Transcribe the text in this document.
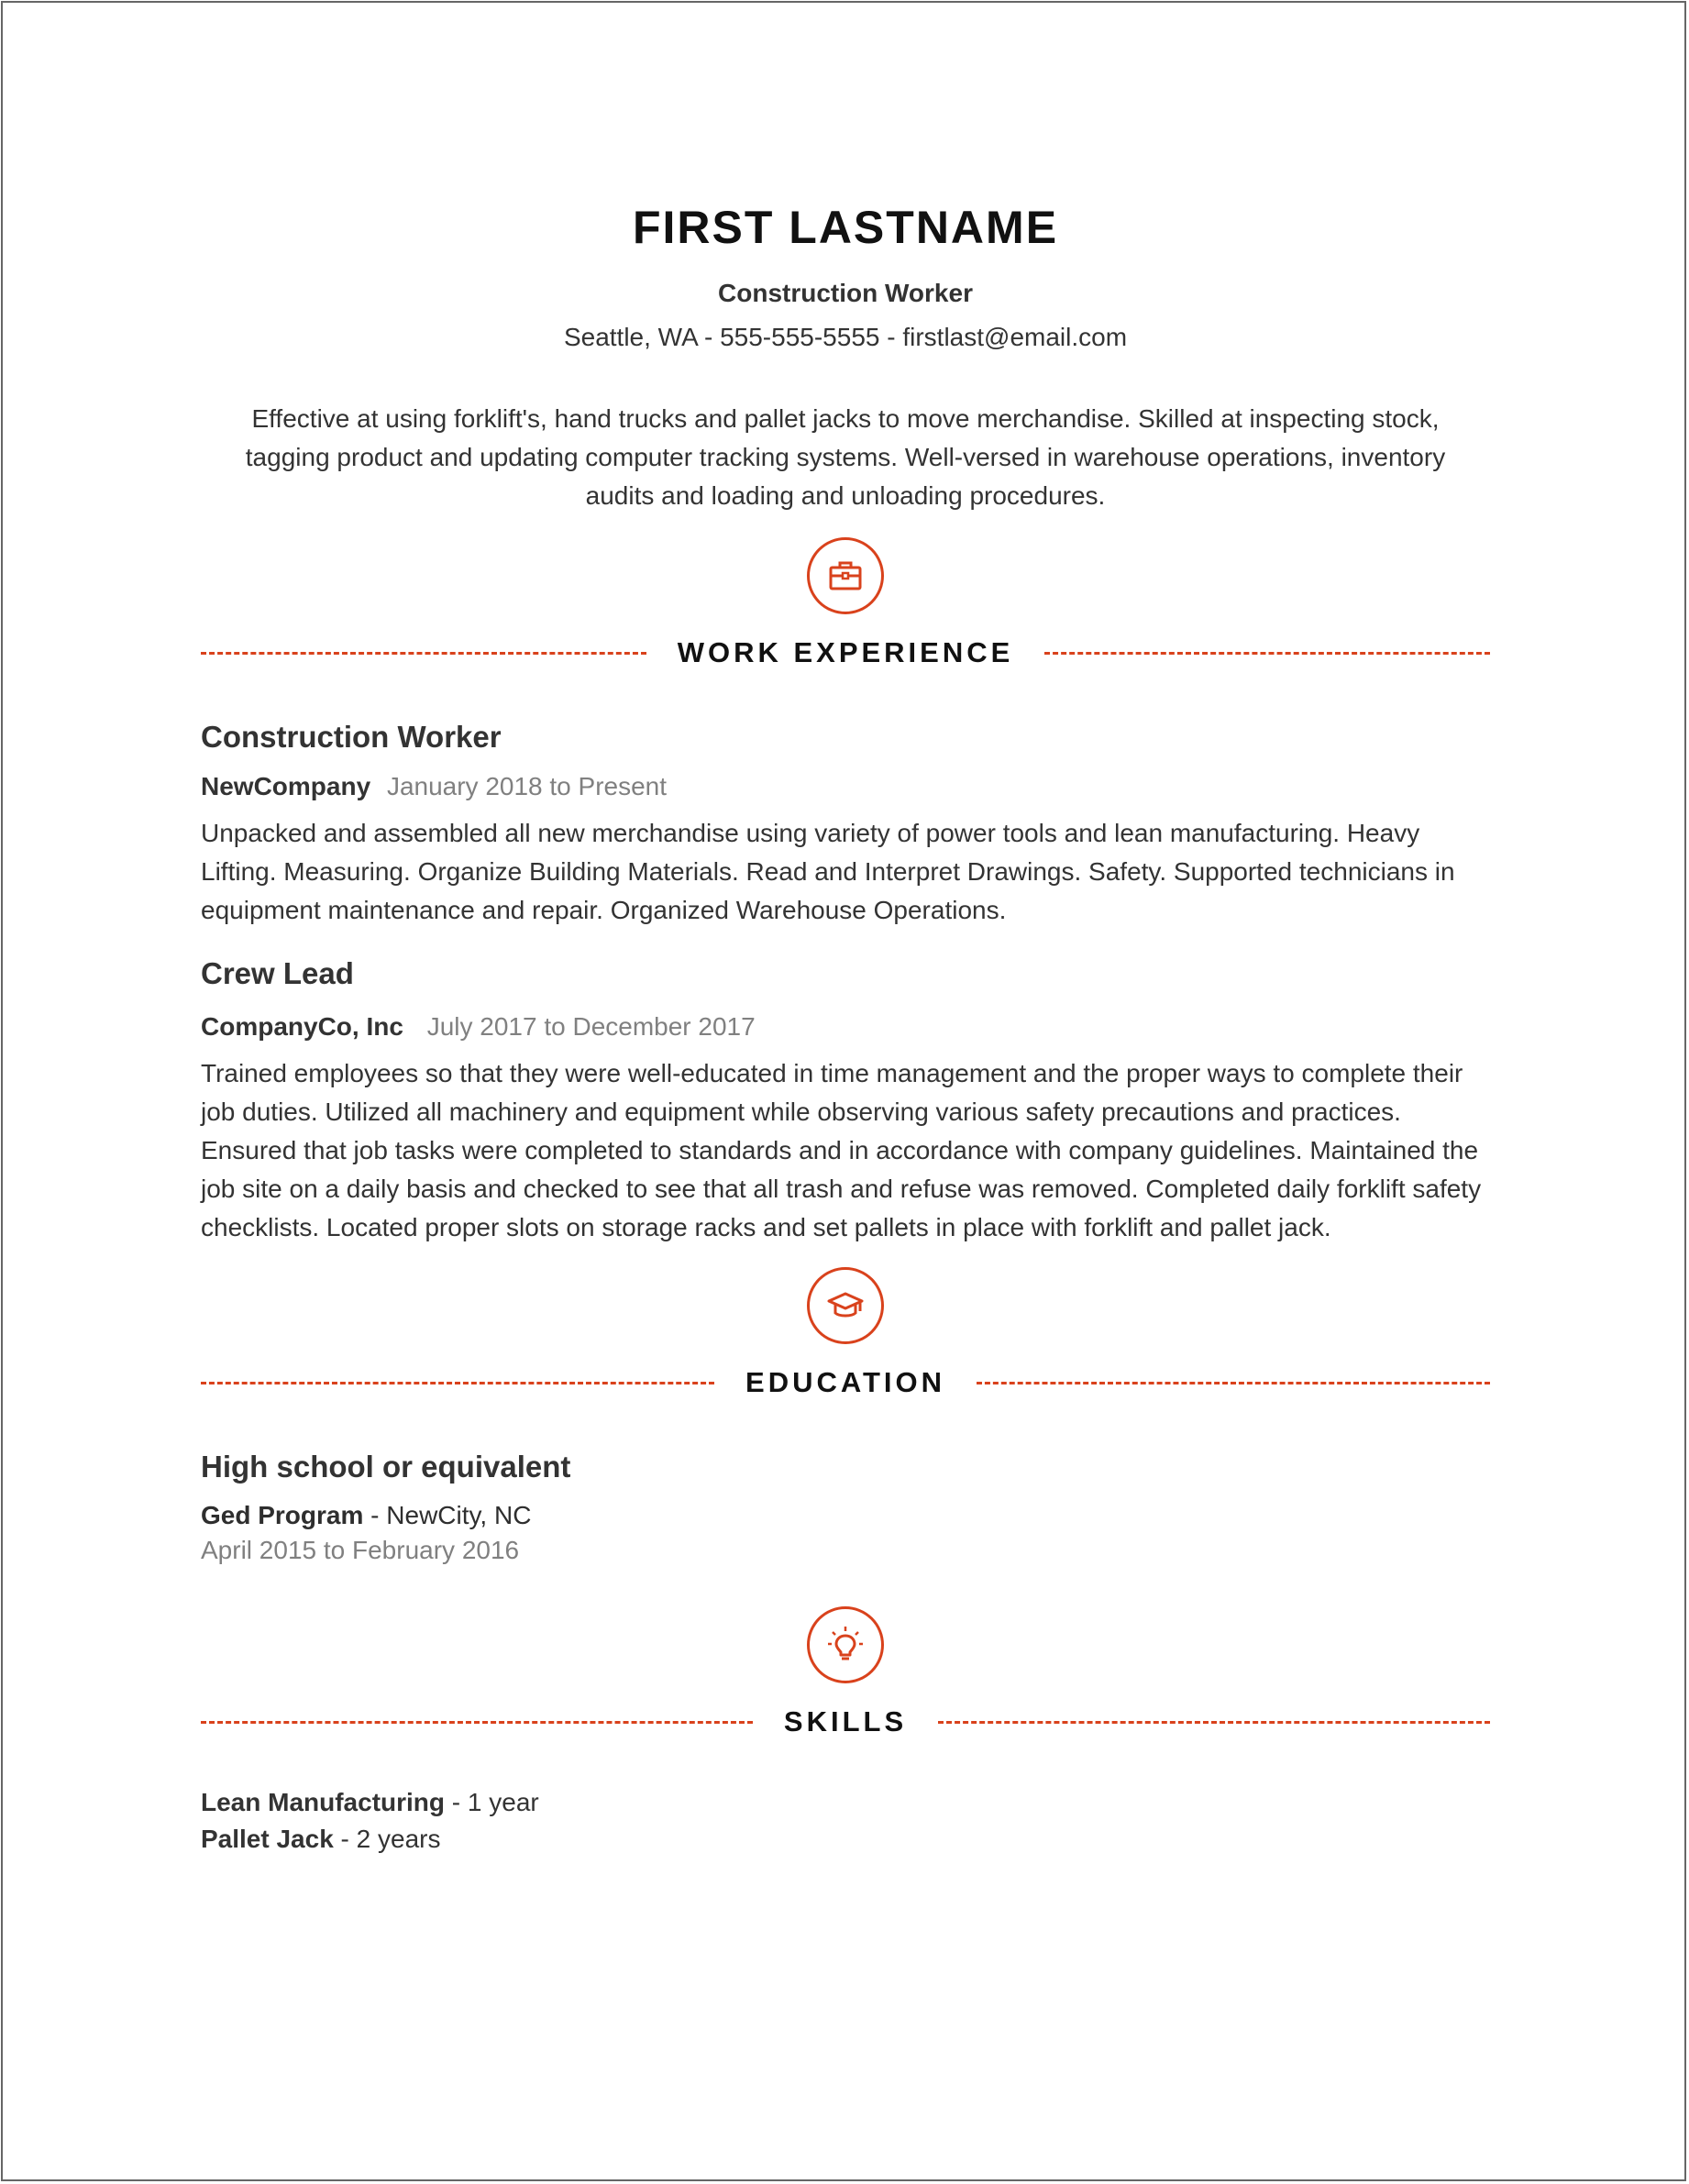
FIRST LASTNAME
Construction Worker
Seattle, WA - 555-555-5555 - firstlast@email.com
Effective at using forklift's, hand trucks and pallet jacks to move merchandise. Skilled at inspecting stock, tagging product and updating computer tracking systems. Well-versed in warehouse operations, inventory audits and loading and unloading procedures.
WORK EXPERIENCE
Construction Worker
NewCompany January 2018 to Present
Unpacked and assembled all new merchandise using variety of power tools and lean manufacturing. Heavy Lifting. Measuring. Organize Building Materials. Read and Interpret Drawings. Safety. Supported technicians in equipment maintenance and repair. Organized Warehouse Operations.
Crew Lead
CompanyCo, Inc July 2017 to December 2017
Trained employees so that they were well-educated in time management and the proper ways to complete their job duties. Utilized all machinery and equipment while observing various safety precautions and practices. Ensured that job tasks were completed to standards and in accordance with company guidelines. Maintained the job site on a daily basis and checked to see that all trash and refuse was removed. Completed daily forklift safety checklists. Located proper slots on storage racks and set pallets in place with forklift and pallet jack.
EDUCATION
High school or equivalent
Ged Program - NewCity, NC
April 2015 to February 2016
SKILLS
Lean Manufacturing - 1 year
Pallet Jack - 2 years
